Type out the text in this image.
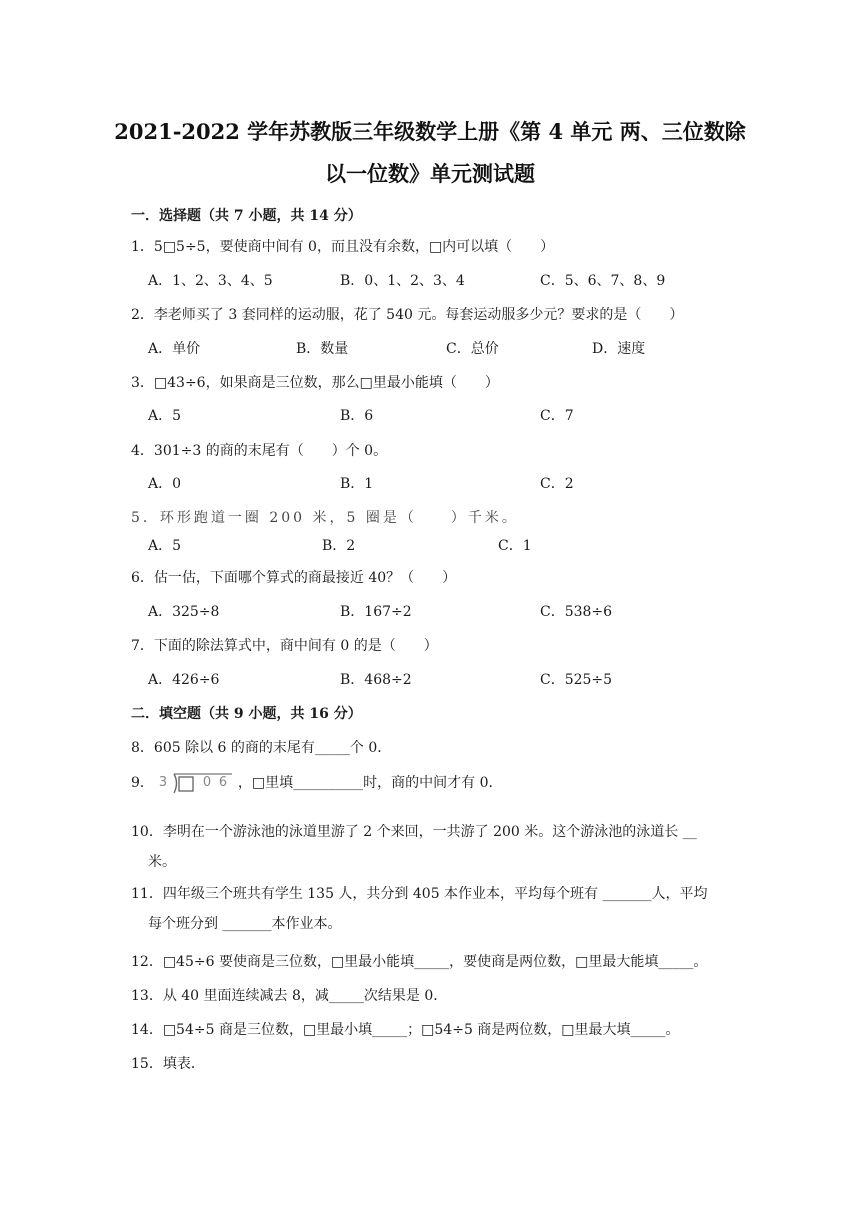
2021-2022 学年苏教版三年级数学上册《第 4 单元 两、三位数除
以一位数》单元测试题
一．选择题（共 7 小题，共 14 分）
1．5□5÷5，要使商中间有 0，而且没有余数，□内可以填（　　）
A．1、2、3、4、5	B．0、1、2、3、4	C．5、6、7、8、9
2．李老师买了 3 套同样的运动服，花了 540 元。每套运动服多少元？要求的是（　　）
A．单价	B．数量	C．总价	D．速度
3．□43÷6，如果商是三位数，那么□里最小能填（　　）
A．5	B．6	C．7
4．301÷3 的商的末尾有（　　）个 0。
A．0	B．1	C．2
5．环形跑道一圈 200 米，5 圈是（　　）千米。
A．5	B．2	C．1
6．估一估，下面哪个算式的商最接近 40？（　　）
A．325÷8	B．167÷2	C．538÷6
7．下面的除法算式中，商中间有 0 的是（　　）
A．426÷6	B．468÷2	C．525÷5
二．填空题（共 9 小题，共 16 分）
8．605 除以 6 的商的末尾有_____个 0．
9． 3	0 6 ，□里填__________时，商的中间才有 0．
10．李明在一个游泳池的泳道里游了 2 个来回，一共游了 200 米。这个游泳池的泳道长 __
米。
11．四年级三个班共有学生 135 人，共分到 405 本作业本，平均每个班有 _______人，平均
每个班分到 _______本作业本。
12．□45÷6 要使商是三位数，□里最小能填_____，要使商是两位数，□里最大能填_____。
13．从 40 里面连续减去 8，减_____次结果是 0．
14．□54÷5 商是三位数，□里最小填_____；□54÷5 商是两位数，□里最大填_____。
15．填表．
